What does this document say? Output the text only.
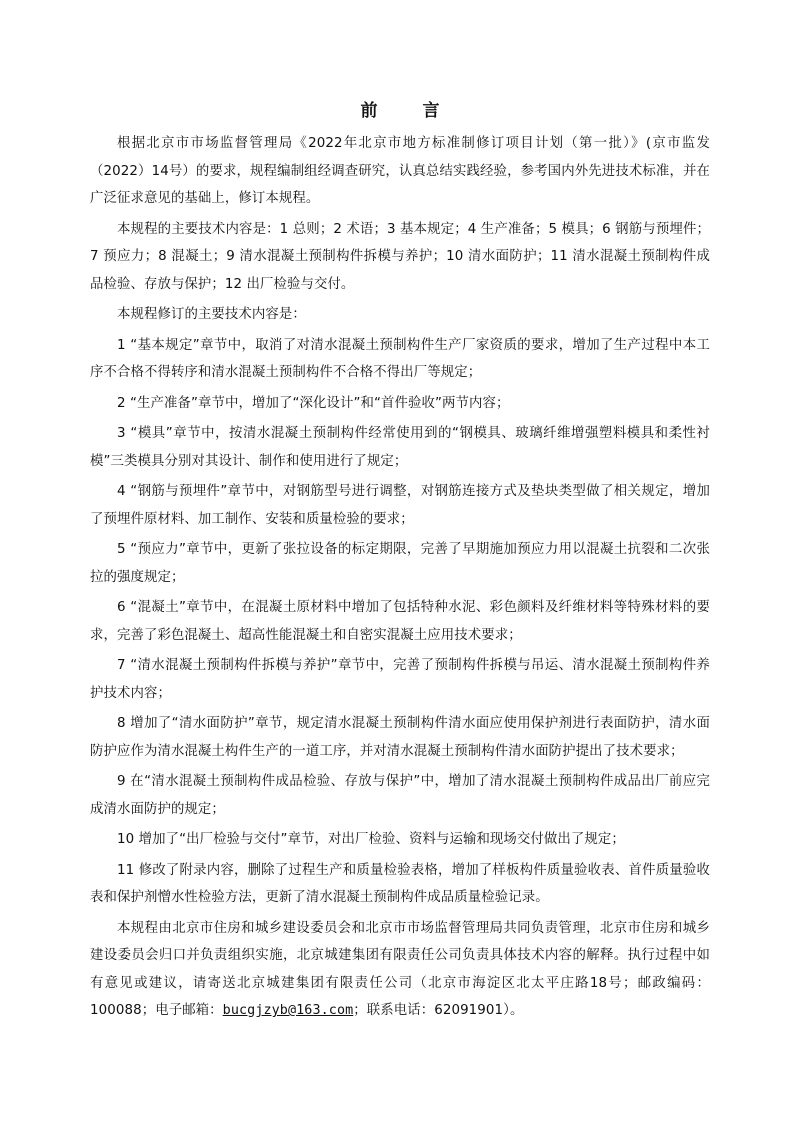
前　言

根据北京市市场监督管理局《2022年北京市地方标准制修订项目计划（第一批）》(京市监发（2022）14号）的要求，规程编制组经调查研究，认真总结实践经验，参考国内外先进技术标准，并在广泛征求意见的基础上，修订本规程。

本规程的主要技术内容是：1 总则；2 术语；3 基本规定；4 生产准备；5 模具；6 钢筋与预埋件；7 预应力；8 混凝土；9 清水混凝土预制构件拆模与养护；10 清水面防护；11 清水混凝土预制构件成品检验、存放与保护；12 出厂检验与交付。

本规程修订的主要技术内容是：

1 “基本规定”章节中，取消了对清水混凝土预制构件生产厂家资质的要求，增加了生产过程中本工序不合格不得转序和清水混凝土预制构件不合格不得出厂等规定；

2 “生产准备”章节中，增加了“深化设计”和“首件验收”两节内容；

3 “模具”章节中，按清水混凝土预制构件经常使用到的“钢模具、玻璃纤维增强塑料模具和柔性衬模”三类模具分别对其设计、制作和使用进行了规定；

4 “钢筋与预埋件”章节中，对钢筋型号进行调整，对钢筋连接方式及垫块类型做了相关规定，增加了预埋件原材料、加工制作、安装和质量检验的要求；

5 “预应力”章节中，更新了张拉设备的标定期限，完善了早期施加预应力用以混凝土抗裂和二次张拉的强度规定；

6 “混凝土”章节中，在混凝土原材料中增加了包括特种水泥、彩色颜料及纤维材料等特殊材料的要求，完善了彩色混凝土、超高性能混凝土和自密实混凝土应用技术要求；

7 “清水混凝土预制构件拆模与养护”章节中，完善了预制构件拆模与吊运、清水混凝土预制构件养护技术内容；

8 增加了“清水面防护”章节，规定清水混凝土预制构件清水面应使用保护剂进行表面防护，清水面防护应作为清水混凝土构件生产的一道工序，并对清水混凝土预制构件清水面防护提出了技术要求；

9 在“清水混凝土预制构件成品检验、存放与保护”中，增加了清水混凝土预制构件成品出厂前应完成清水面防护的规定；

10 增加了“出厂检验与交付”章节，对出厂检验、资料与运输和现场交付做出了规定；

11 修改了附录内容，删除了过程生产和质量检验表格，增加了样板构件质量验收表、首件质量验收表和保护剂憎水性检验方法，更新了清水混凝土预制构件成品质量检验记录。

本规程由北京市住房和城乡建设委员会和北京市市场监督管理局共同负责管理，北京市住房和城乡建设委员会归口并负责组织实施，北京城建集团有限责任公司负责具体技术内容的解释。执行过程中如有意见或建议，请寄送北京城建集团有限责任公司（北京市海淀区北太平庄路18号；邮政编码：100088；电子邮箱：bucgjzyb@163.com；联系电话：62091901）。
